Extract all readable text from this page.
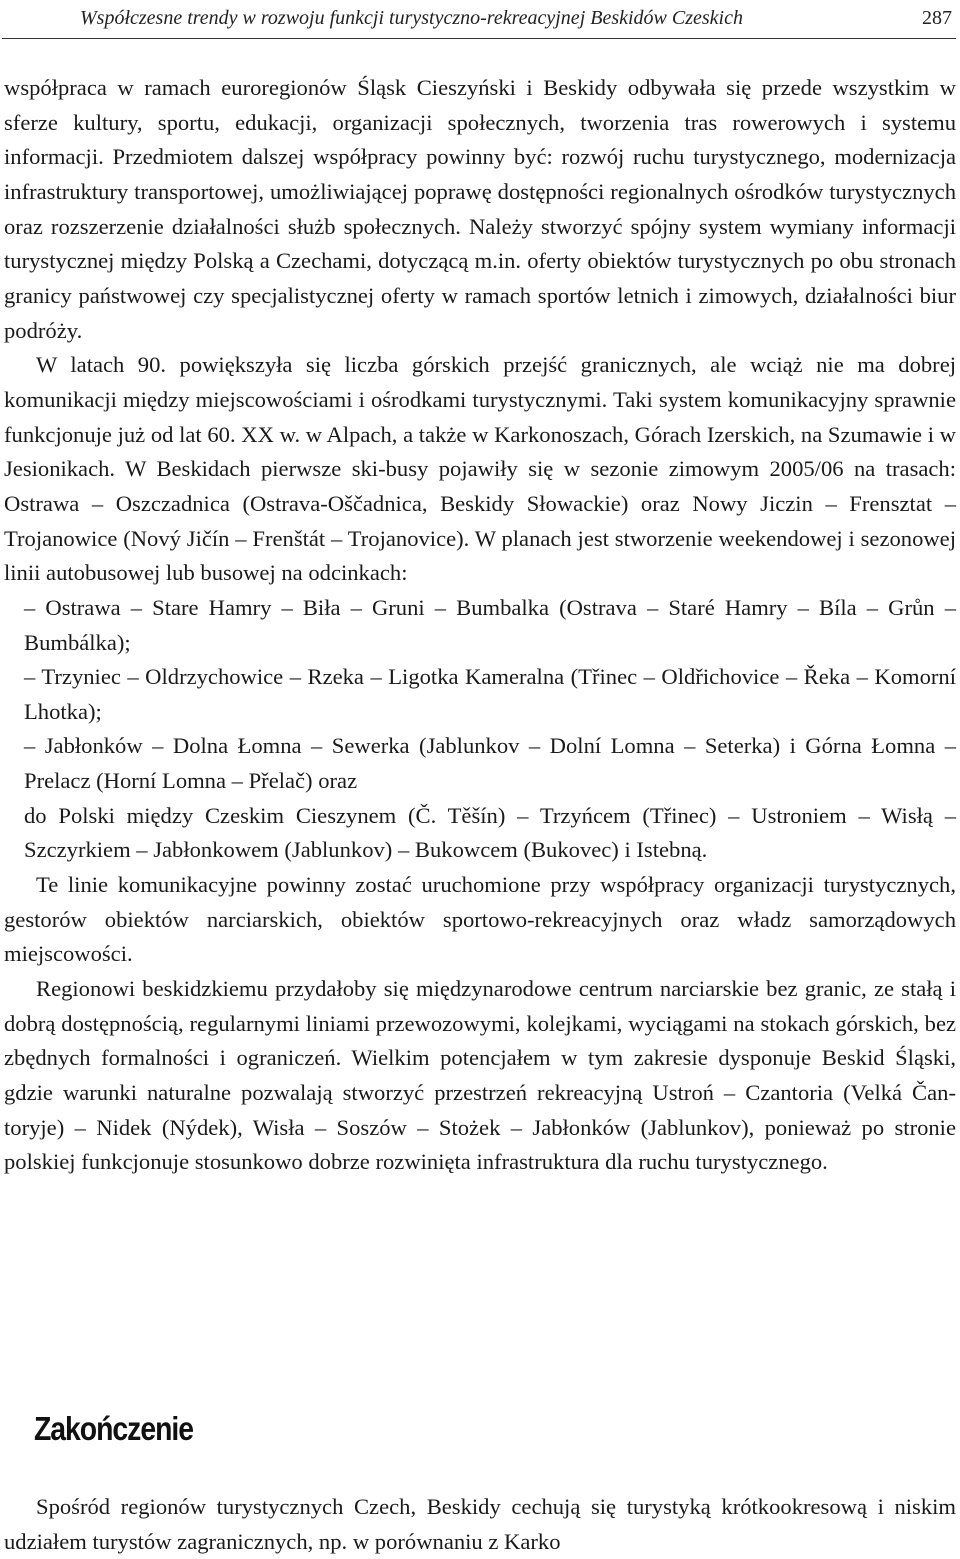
Współczesne trendy w rozwoju funkcji turystyczno-rekreacyjnej Beskidów Czeskich	287

współpraca w ramach euroregionów Śląsk Cieszyński i Beskidy odbywała się przede wszystkim w sferze kultury, sportu, edukacji, organizacji społecznych, tworzenia tras rowerowych i systemu informacji. Przedmiotem dalszej współpracy powinny być: rozwój ruchu turystycznego, modernizacja infrastruktury transportowej, umożliwiającej poprawę dostępności regionalnych ośrodków turystycznych oraz rozszerzenie działalności służb społecznych. Należy stworzyć spójny system wymiany informacji turystycznej między Polską a Czechami, dotyczącą m.in. oferty obiektów turystycznych po obu stronach granicy państwowej czy specjalistycznej oferty w ramach sportów letnich i zimowych, działalności biur podróży.

W latach 90. powiększyła się liczba górskich przejść granicznych, ale wciąż nie ma dobrej komunikacji między miejscowościami i ośrodkami turystycznymi. Taki system komunikacyjny sprawnie funkcjonuje już od lat 60. XX w. w Alpach, a także w Karkonoszach, Górach Izerskich, na Szumawie i w Jesionikach. W Beskidach pierwsze ski-busy pojawiły się w sezonie zimowym 2005/06 na trasach: Ostrawa – Oszczadnica (Ostrava-Oščadnica, Beskidy Słowackie) oraz Nowy Jiczin – Frensztat – Trojanowice (Nový Jičín – Frenštát – Trojanovice). W planach jest stworzenie weekendowej i sezonowej linii autobusowej lub busowej na odcinkach:

– Ostrawa – Stare Hamry – Biła – Gruni – Bumbalka (Ostrava – Staré Hamry – Bíla – Grůn – Bumbálka);

– Trzyniec – Oldrzychowice – Rzeka – Ligotka Kameralna (Třinec – Oldřichovice – Řeka – Komorní Lhotka);

– Jabłonków – Dolna Łomna – Sewerka (Jablunkov – Dolní Lomna – Seterka) i Górna Łomna – Prelacz (Horní Lomna – Přelač) oraz

do Polski między Czeskim Cieszynem (Č. Těšín) – Trzyńcem (Třinec) – Ustroniem – Wisłą – Szczyrkiem – Jabłonkowem (Jablunkov) – Bukowcem (Bukovec) i Istebną.

Te linie komunikacyjne powinny zostać uruchomione przy współpracy organizacji turystycznych, gestorów obiektów narciarskich, obiektów sportowo-rekreacyjnych oraz władz samorządowych miejscowości.

Regionowi beskidzkiemu przydałoby się międzynarodowe centrum narciarskie bez granic, ze stałą i dobrą dostępnością, regularnymi liniami przewozowymi, kolejkami, wyciągami na stokach górskich, bez zbędnych formalności i ograniczeń. Wielkim potencjałem w tym zakresie dysponuje Beskid Śląski, gdzie warunki naturalne pozwalają stworzyć przestrzeń rekreacyjną Ustroń – Czantoria (Velká Čantoryje) – Nidek (Nýdek), Wisła – Soszów – Stożek – Jabłonków (Jablunkov), ponieważ po stronie polskiej funkcjonuje stosunkowo dobrze rozwinięta infrastruktura dla ruchu turystycznego.

Zakończenie

Spośród regionów turystycznych Czech, Beskidy cechują się turystyką krótkookresową i niskim udziałem turystów zagranicznych, np. w porównaniu z Karko
